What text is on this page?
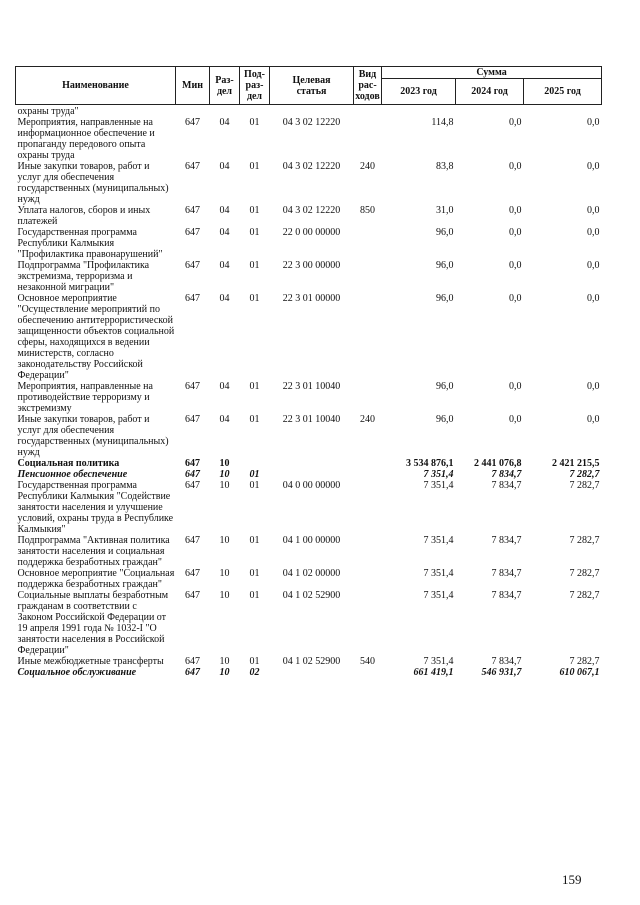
Наименование	Мин	Раз-
дел	Под-
раз-
дел	Целевая
статья	Вид
рас-
ходов	Сумма		
						2023 год	2024 год	2025 год
охраны труда"								
Мероприятия, направленные на информационное обеспечение и пропаганду передового опыта охраны труда	647	04	01	04 3 02 12220		114,8	0,0	0,0
Иные закупки товаров, работ и услуг для обеспечения государственных (муниципальных) нужд	647	04	01	04 3 02 12220	240	83,8	0,0	0,0
Уплата налогов, сборов и иных платежей	647	04	01	04 3 02 12220	850	31,0	0,0	0,0
Государственная программа Республики Калмыкия "Профилактика правонарушений"	647	04	01	22 0 00 00000		96,0	0,0	0,0
Подпрограмма "Профилактика экстремизма, терроризма и незаконной миграции"	647	04	01	22 3 00 00000		96,0	0,0	0,0
Основное мероприятие "Осуществление мероприятий по обеспечению антитеррористической защищенности объектов социальной сферы, находящихся в ведении министерств, согласно законодательству Российской Федерации"	647	04	01	22 3 01 00000		96,0	0,0	0,0
Мероприятия, направленные на противодействие терроризму и экстремизму	647	04	01	22 3 01 10040		96,0	0,0	0,0
Иные закупки товаров, работ и услуг для обеспечения государственных (муниципальных) нужд	647	04	01	22 3 01 10040	240	96,0	0,0	0,0
Социальная политика	647	10				3 534 876,1	2 441 076,8	2 421 215,5
Пенсионное обеспечение	647	10	01			7 351,4	7 834,7	7 282,7
Государственная программа Республики Калмыкия "Содействие занятости населения и улучшение условий, охраны труда в Республике Калмыкия"	647	10	01	04 0 00 00000		7 351,4	7 834,7	7 282,7
Подпрограмма "Активная политика занятости населения и социальная поддержка безработных граждан"	647	10	01	04 1 00 00000		7 351,4	7 834,7	7 282,7
Основное мероприятие "Социальная поддержка безработных граждан"	647	10	01	04 1 02 00000		7 351,4	7 834,7	7 282,7
Социальные выплаты безработным гражданам в соответствии с Законом Российской Федерации от 19 апреля 1991 года № 1032-I "О занятости населения в Российской Федерации"	647	10	01	04 1 02 52900		7 351,4	7 834,7	7 282,7
Иные межбюджетные трансферты	647	10	01	04 1 02 52900	540	7 351,4	7 834,7	7 282,7
Социальное обслуживание	647	10	02			661 419,1	546 931,7	610 067,1
159
